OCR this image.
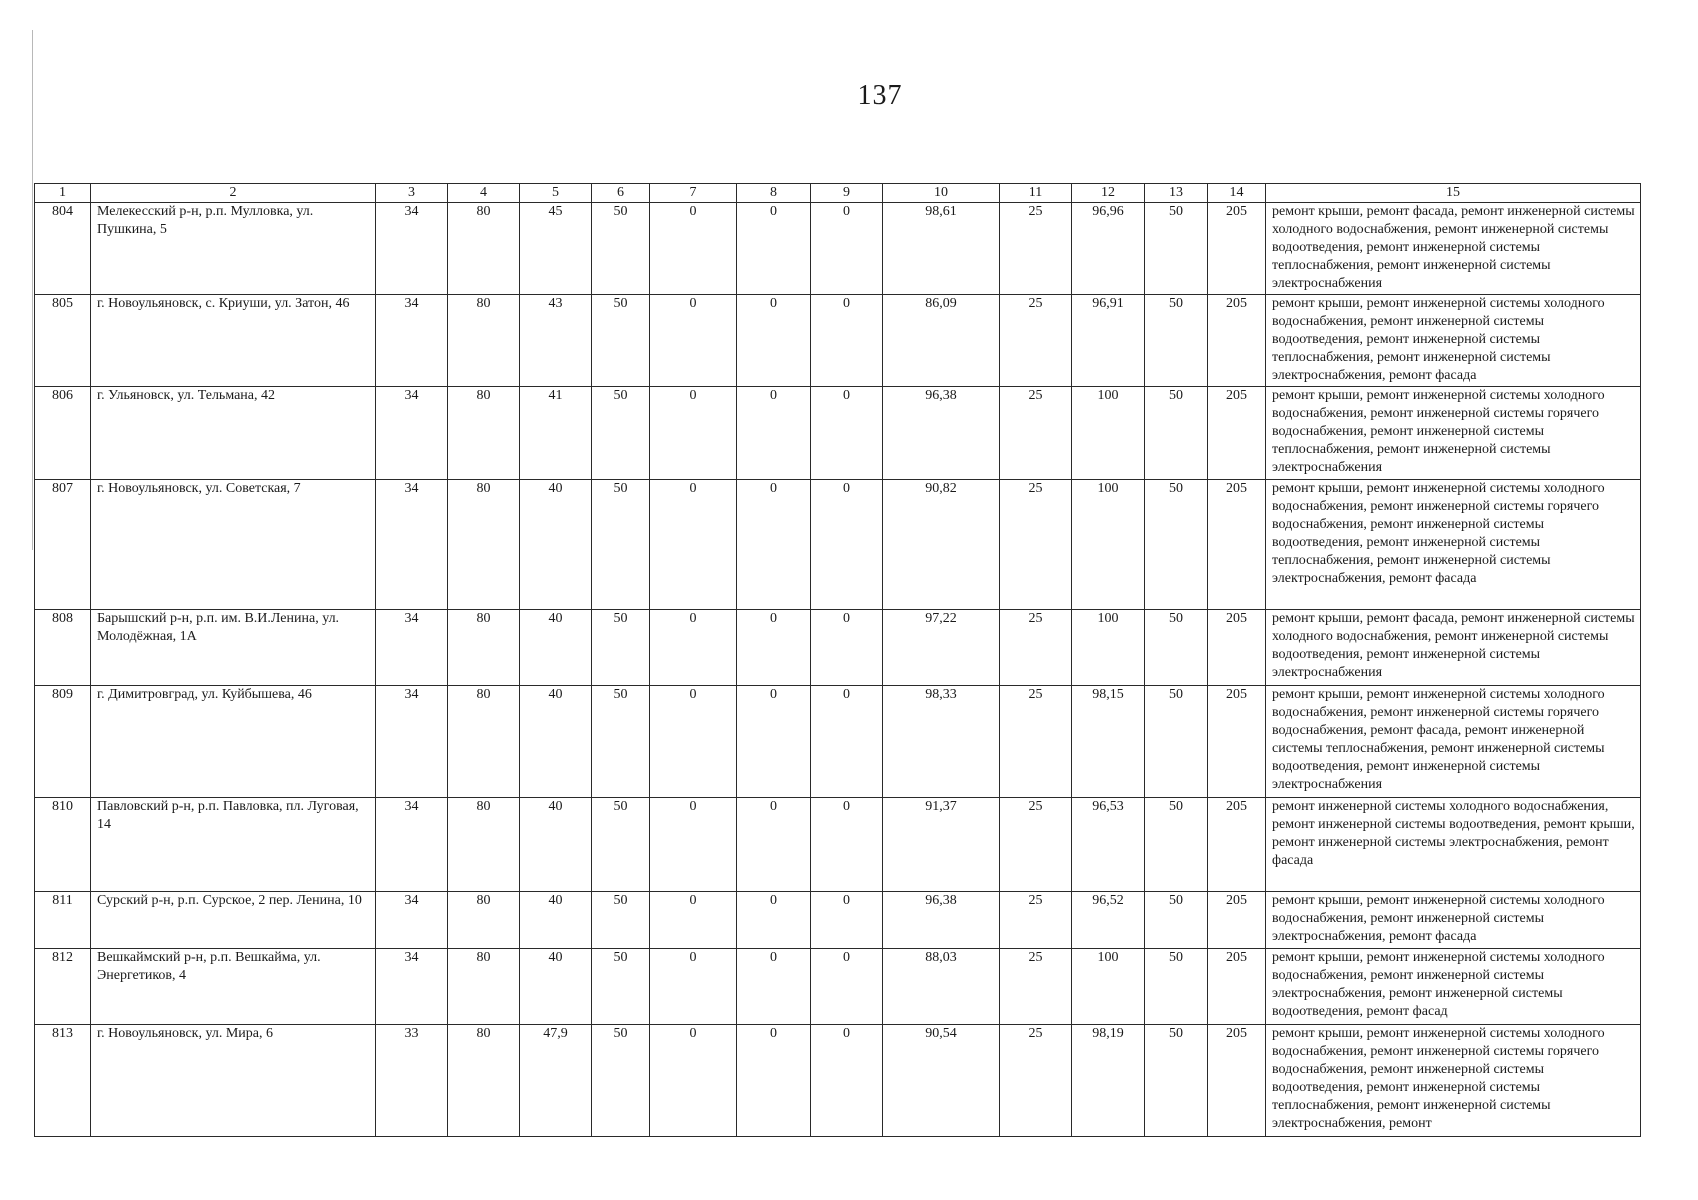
137
1	2	3	4	5	6	7	8	9	10	11	12	13	14	15
804	Мелекесский р-н, р.п. Мулловка, ул. Пушкина, 5	34	80	45	50	0	0	0	98,61	25	96,96	50	205	ремонт крыши, ремонт фасада, ремонт инженерной системы холодного водоснабжения, ремонт инженерной системы водоотведения, ремонт инженерной системы теплоснабжения, ремонт инженерной системы электроснабжения
805	г. Новоульяновск, с. Криуши, ул. Затон, 46	34	80	43	50	0	0	0	86,09	25	96,91	50	205	ремонт крыши, ремонт инженерной системы холодного водоснабжения, ремонт инженерной системы водоотведения, ремонт инженерной системы теплоснабжения, ремонт инженерной системы электроснабжения, ремонт фасада
806	г. Ульяновск, ул. Тельмана, 42	34	80	41	50	0	0	0	96,38	25	100	50	205	ремонт крыши, ремонт инженерной системы холодного водоснабжения, ремонт инженерной системы горячего водоснабжения, ремонт инженерной системы теплоснабжения, ремонт инженерной системы электроснабжения
807	г. Новоульяновск, ул. Советская, 7	34	80	40	50	0	0	0	90,82	25	100	50	205	ремонт крыши, ремонт инженерной системы холодного водоснабжения, ремонт инженерной системы горячего водоснабжения, ремонт инженерной системы водоотведения, ремонт инженерной системы теплоснабжения, ремонт инженерной системы электроснабжения, ремонт фасада
808	Барышский р-н, р.п. им. В.И.Ленина, ул. Молодёжная, 1А	34	80	40	50	0	0	0	97,22	25	100	50	205	ремонт крыши, ремонт фасада, ремонт инженерной системы холодного водоснабжения, ремонт инженерной системы водоотведения, ремонт инженерной системы электроснабжения
809	г. Димитровград, ул. Куйбышева, 46	34	80	40	50	0	0	0	98,33	25	98,15	50	205	ремонт крыши, ремонт инженерной системы холодного водоснабжения, ремонт инженерной системы горячего водоснабжения, ремонт фасада, ремонт инженерной системы теплоснабжения, ремонт инженерной системы водоотведения, ремонт инженерной системы электроснабжения
810	Павловский р-н, р.п. Павловка, пл. Луговая, 14	34	80	40	50	0	0	0	91,37	25	96,53	50	205	ремонт инженерной системы холодного водоснабжения, ремонт инженерной системы водоотведения, ремонт крыши, ремонт инженерной системы электроснабжения, ремонт фасада
811	Сурский р-н, р.п. Сурское, 2 пер. Ленина, 10	34	80	40	50	0	0	0	96,38	25	96,52	50	205	ремонт крыши, ремонт инженерной системы холодного водоснабжения, ремонт инженерной системы электроснабжения, ремонт фасада
812	Вешкаймский р-н, р.п. Вешкайма, ул. Энергетиков, 4	34	80	40	50	0	0	0	88,03	25	100	50	205	ремонт крыши, ремонт инженерной системы холодного водоснабжения, ремонт инженерной системы электроснабжения, ремонт инженерной системы водоотведения, ремонт фасад
813	г. Новоульяновск, ул. Мира, 6	33	80	47,9	50	0	0	0	90,54	25	98,19	50	205	ремонт крыши, ремонт инженерной системы холодного водоснабжения, ремонт инженерной системы горячего водоснабжения, ремонт инженерной системы водоотведения, ремонт инженерной системы теплоснабжения, ремонт инженерной системы электроснабжения, ремонт
